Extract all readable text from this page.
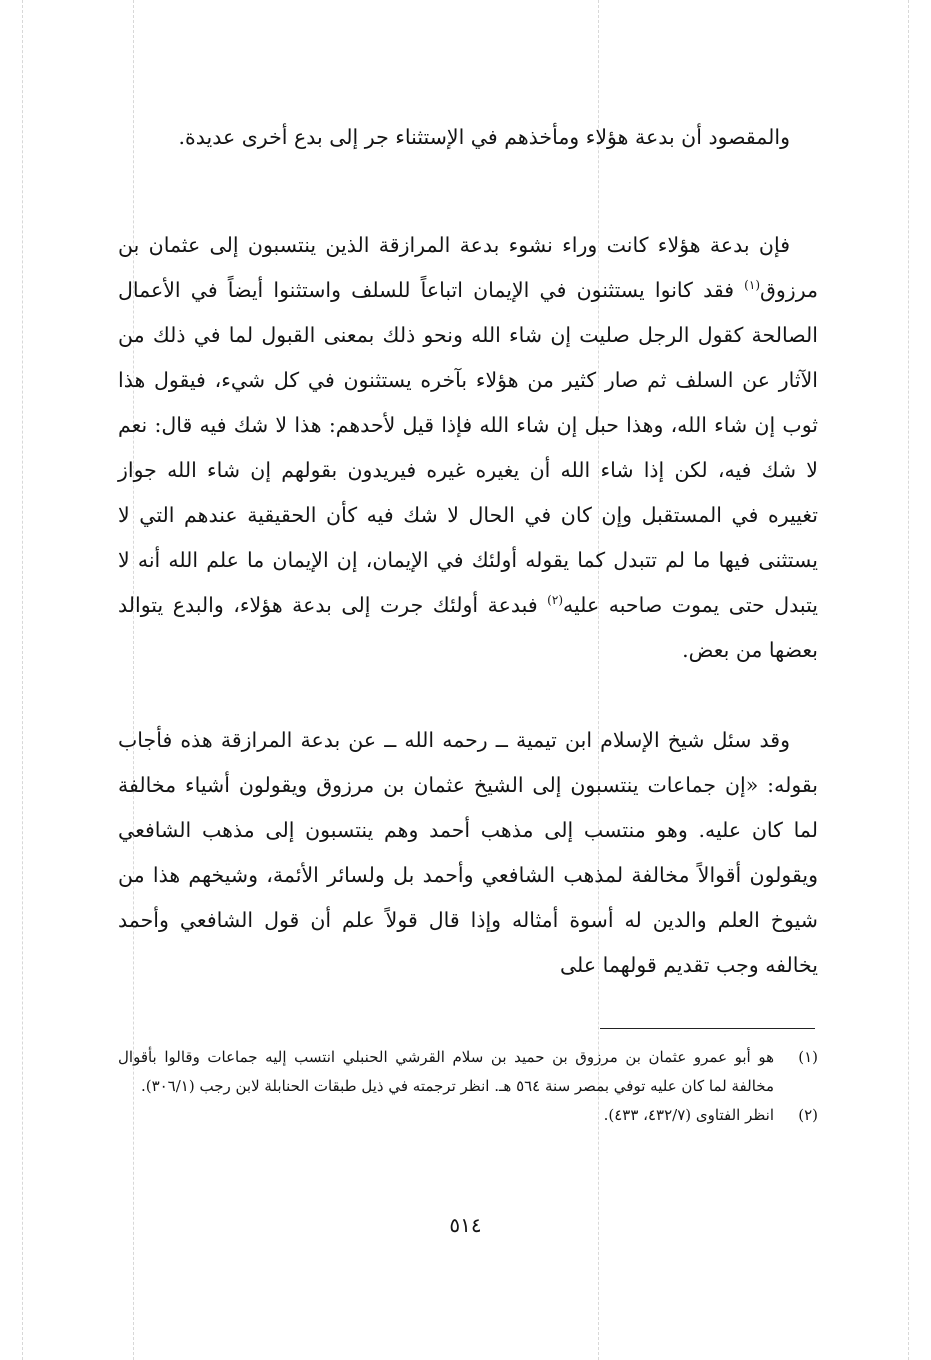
والمقصود أن بدعة هؤلاء ومأخذهم في الإستثناء جر إلى بدع أخرى عديدة.

فإن بدعة هؤلاء كانت وراء نشوء بدعة المرازقة الذين ينتسبون إلى عثمان بن مرزوق$^{(١)}$ فقد كانوا يستثنون في الإيمان اتباعاً للسلف واستثنوا أيضاً في الأعمال الصالحة كقول الرجل صليت إن شاء الله ونحو ذلك بمعنى القبول لما في ذلك من الآثار عن السلف ثم صار كثير من هؤلاء بآخره يستثنون في كل شيء، فيقول هذا ثوب إن شاء الله، وهذا حبل إن شاء الله فإذا قيل لأحدهم: هذا لا شك فيه قال: نعم لا شك فيه، لكن إذا شاء الله أن يغيره غيره فيريدون بقولهم إن شاء الله جواز تغييره في المستقبل وإن كان في الحال لا شك فيه كأن الحقيقية عندهم التي لا يستثنى فيها ما لم تتبدل كما يقوله أولئك في الإيمان، إن الإيمان ما علم الله أنه لا يتبدل حتى يموت صاحبه عليه$^{(٢)}$ فبدعة أولئك جرت إلى بدعة هؤلاء، والبدع يتوالد بعضها من بعض.

وقد سئل شيخ الإسلام ابن تيمية ــ رحمه الله ــ عن بدعة المرازقة هذه فأجاب بقوله: «إن جماعات ينتسبون إلى الشيخ عثمان بن مرزوق ويقولون أشياء مخالفة لما كان عليه. وهو منتسب إلى مذهب أحمد وهم ينتسبون إلى مذهب الشافعي ويقولون أقوالاً مخالفة لمذهب الشافعي وأحمد بل ولسائر الأئمة، وشيخهم هذا من شيوخ العلم والدين له أسوة أمثاله وإذا قال قولاً علم أن قول الشافعي وأحمد يخالفه وجب تقديم قولهما على

(١)
هو أبو عمرو عثمان بن مرزوق بن حميد بن سلام القرشي الحنبلي انتسب إليه جماعات وقالوا بأقوال مخالفة لما كان عليه توفي بمصر سنة ٥٦٤ هـ. انظر ترجمته في ذيل طبقات الحنابلة لابن رجب (٣٠٦/١).
(٢)
انظر الفتاوى (٤٣٢/٧، ٤٣٣).
٥١٤
